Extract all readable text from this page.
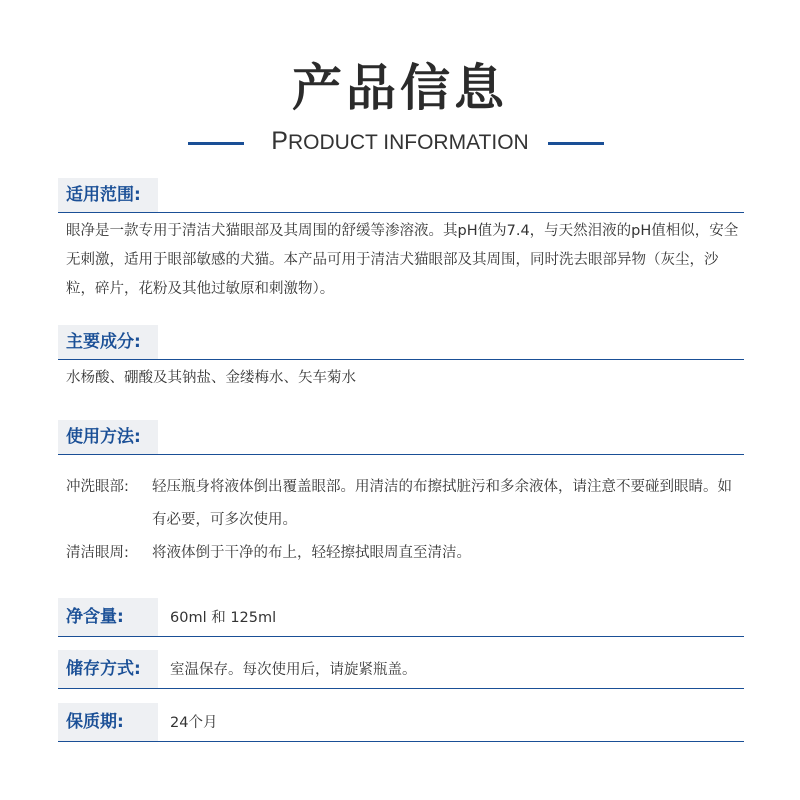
产品信息
PRODUCT INFORMATION
适用范围:
眼净是一款专用于清洁犬猫眼部及其周围的舒缓等渗溶液。其pH值为7.4，与天然泪液的pH值相似，安全无刺激，适用于眼部敏感的犬猫。本产品可用于清洁犬猫眼部及其周围，同时洗去眼部异物（灰尘，沙粒，碎片，花粉及其他过敏原和刺激物）。
主要成分:
水杨酸、硼酸及其钠盐、金缕梅水、矢车菊水
使用方法:
冲洗眼部: 轻压瓶身将液体倒出覆盖眼部。用清洁的布擦拭脏污和多余液体，请注意不要碰到眼睛。如有必要，可多次使用。
清洁眼周: 将液体倒于干净的布上，轻轻擦拭眼周直至清洁。
净含量:	60ml 和 125ml
储存方式: 室温保存。每次使用后，请旋紧瓶盖。
保质期:	24个月
